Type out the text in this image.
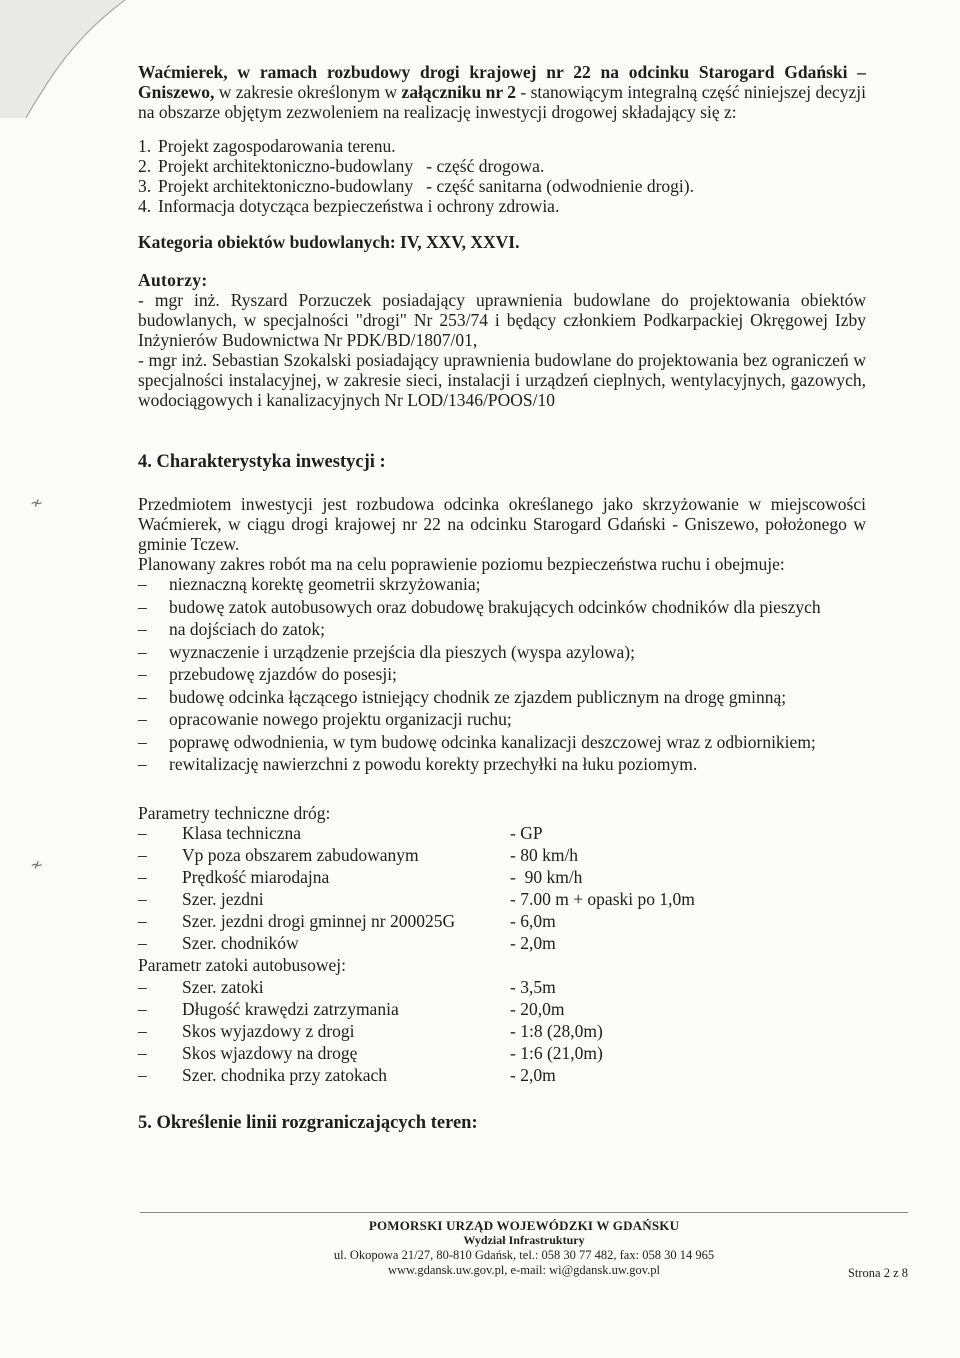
Waćmierek, w ramach rozbudowy drogi krajowej nr 22 na odcinku Starogard Gdański – Gniszewo, w zakresie określonym w załączniku nr 2 - stanowiącym integralną część niniejszej decyzji na obszarze objętym zezwoleniem na realizację inwestycji drogowej składający się z:

1. Projekt zagospodarowania terenu.
2. Projekt architektoniczno-budowlany   - część drogowa.
3. Projekt architektoniczno-budowlany   - część sanitarna (odwodnienie drogi).
4. Informacja dotycząca bezpieczeństwa i ochrony zdrowia.

Kategoria obiektów budowlanych: IV, XXV, XXVI.

Autorzy:

- mgr inż. Ryszard Porzuczek posiadający uprawnienia budowlane do projektowania obiektów budowlanych, w specjalności "drogi" Nr 253/74 i będący członkiem Podkarpackiej Okręgowej Izby Inżynierów Budownictwa Nr PDK/BD/1807/01,

- mgr inż. Sebastian Szokalski posiadający uprawnienia budowlane do projektowania bez ograniczeń w specjalności instalacyjnej, w zakresie sieci, instalacji i urządzeń cieplnych, wentylacyjnych, gazowych, wodociągowych i kanalizacyjnych Nr LOD/1346/POOS/10

4. Charakterystyka inwestycji :

Przedmiotem inwestycji jest rozbudowa odcinka określanego jako skrzyżowanie w miejscowości Waćmierek, w ciągu drogi krajowej nr 22 na odcinku Starogard Gdański - Gniszewo, położonego w gminie Tczew.

Planowany zakres robót ma na celu poprawienie poziomu bezpieczeństwa ruchu i obejmuje:

–	nieznaczną korektę geometrii skrzyżowania;
–	budowę zatok autobusowych oraz dobudowę brakujących odcinków chodników dla pieszych
–	na dojściach do zatok;
–	wyznaczenie i urządzenie przejścia dla pieszych (wyspa azylowa);
–	przebudowę zjazdów do posesji;
–	budowę odcinka łączącego istniejący chodnik ze zjazdem publicznym na drogę gminną;
–	opracowanie nowego projektu organizacji ruchu;
–	poprawę odwodnienia, w tym budowę odcinka kanalizacji deszczowej wraz z odbiornikiem;
–	rewitalizację nawierzchni z powodu korekty przechyłki na łuku poziomym.

Parametry techniczne dróg:

–	Klasa techniczna	- GP
–	Vp poza obszarem zabudowanym	- 80 km/h
–	Prędkość miarodajna	-  90 km/h
–	Szer. jezdni	- 7.00 m + opaski po 1,0m
–	Szer. jezdni drogi gminnej nr 200025G	- 6,0m
–	Szer. chodników	- 2,0m

Parametr zatoki autobusowej:

–	Szer. zatoki	- 3,5m
–	Długość krawędzi zatrzymania	- 20,0m
–	Skos wyjazdowy z drogi	- 1:8 (28,0m)
–	Skos wjazdowy na drogę	- 1:6 (21,0m)
–	Szer. chodnika przy zatokach	- 2,0m

5. Określenie linii rozgraniczających teren:

≁
≁
POMORSKI URZĄD WOJEWÓDZKI W GDAŃSKU
Wydział Infrastruktury
ul. Okopowa 21/27, 80-810 Gdańsk, tel.: 058 30 77 482, fax: 058 30 14 965
www.gdansk.uw.gov.pl, e-mail: wi@gdansk.uw.gov.pl	Strona 2 z 8
